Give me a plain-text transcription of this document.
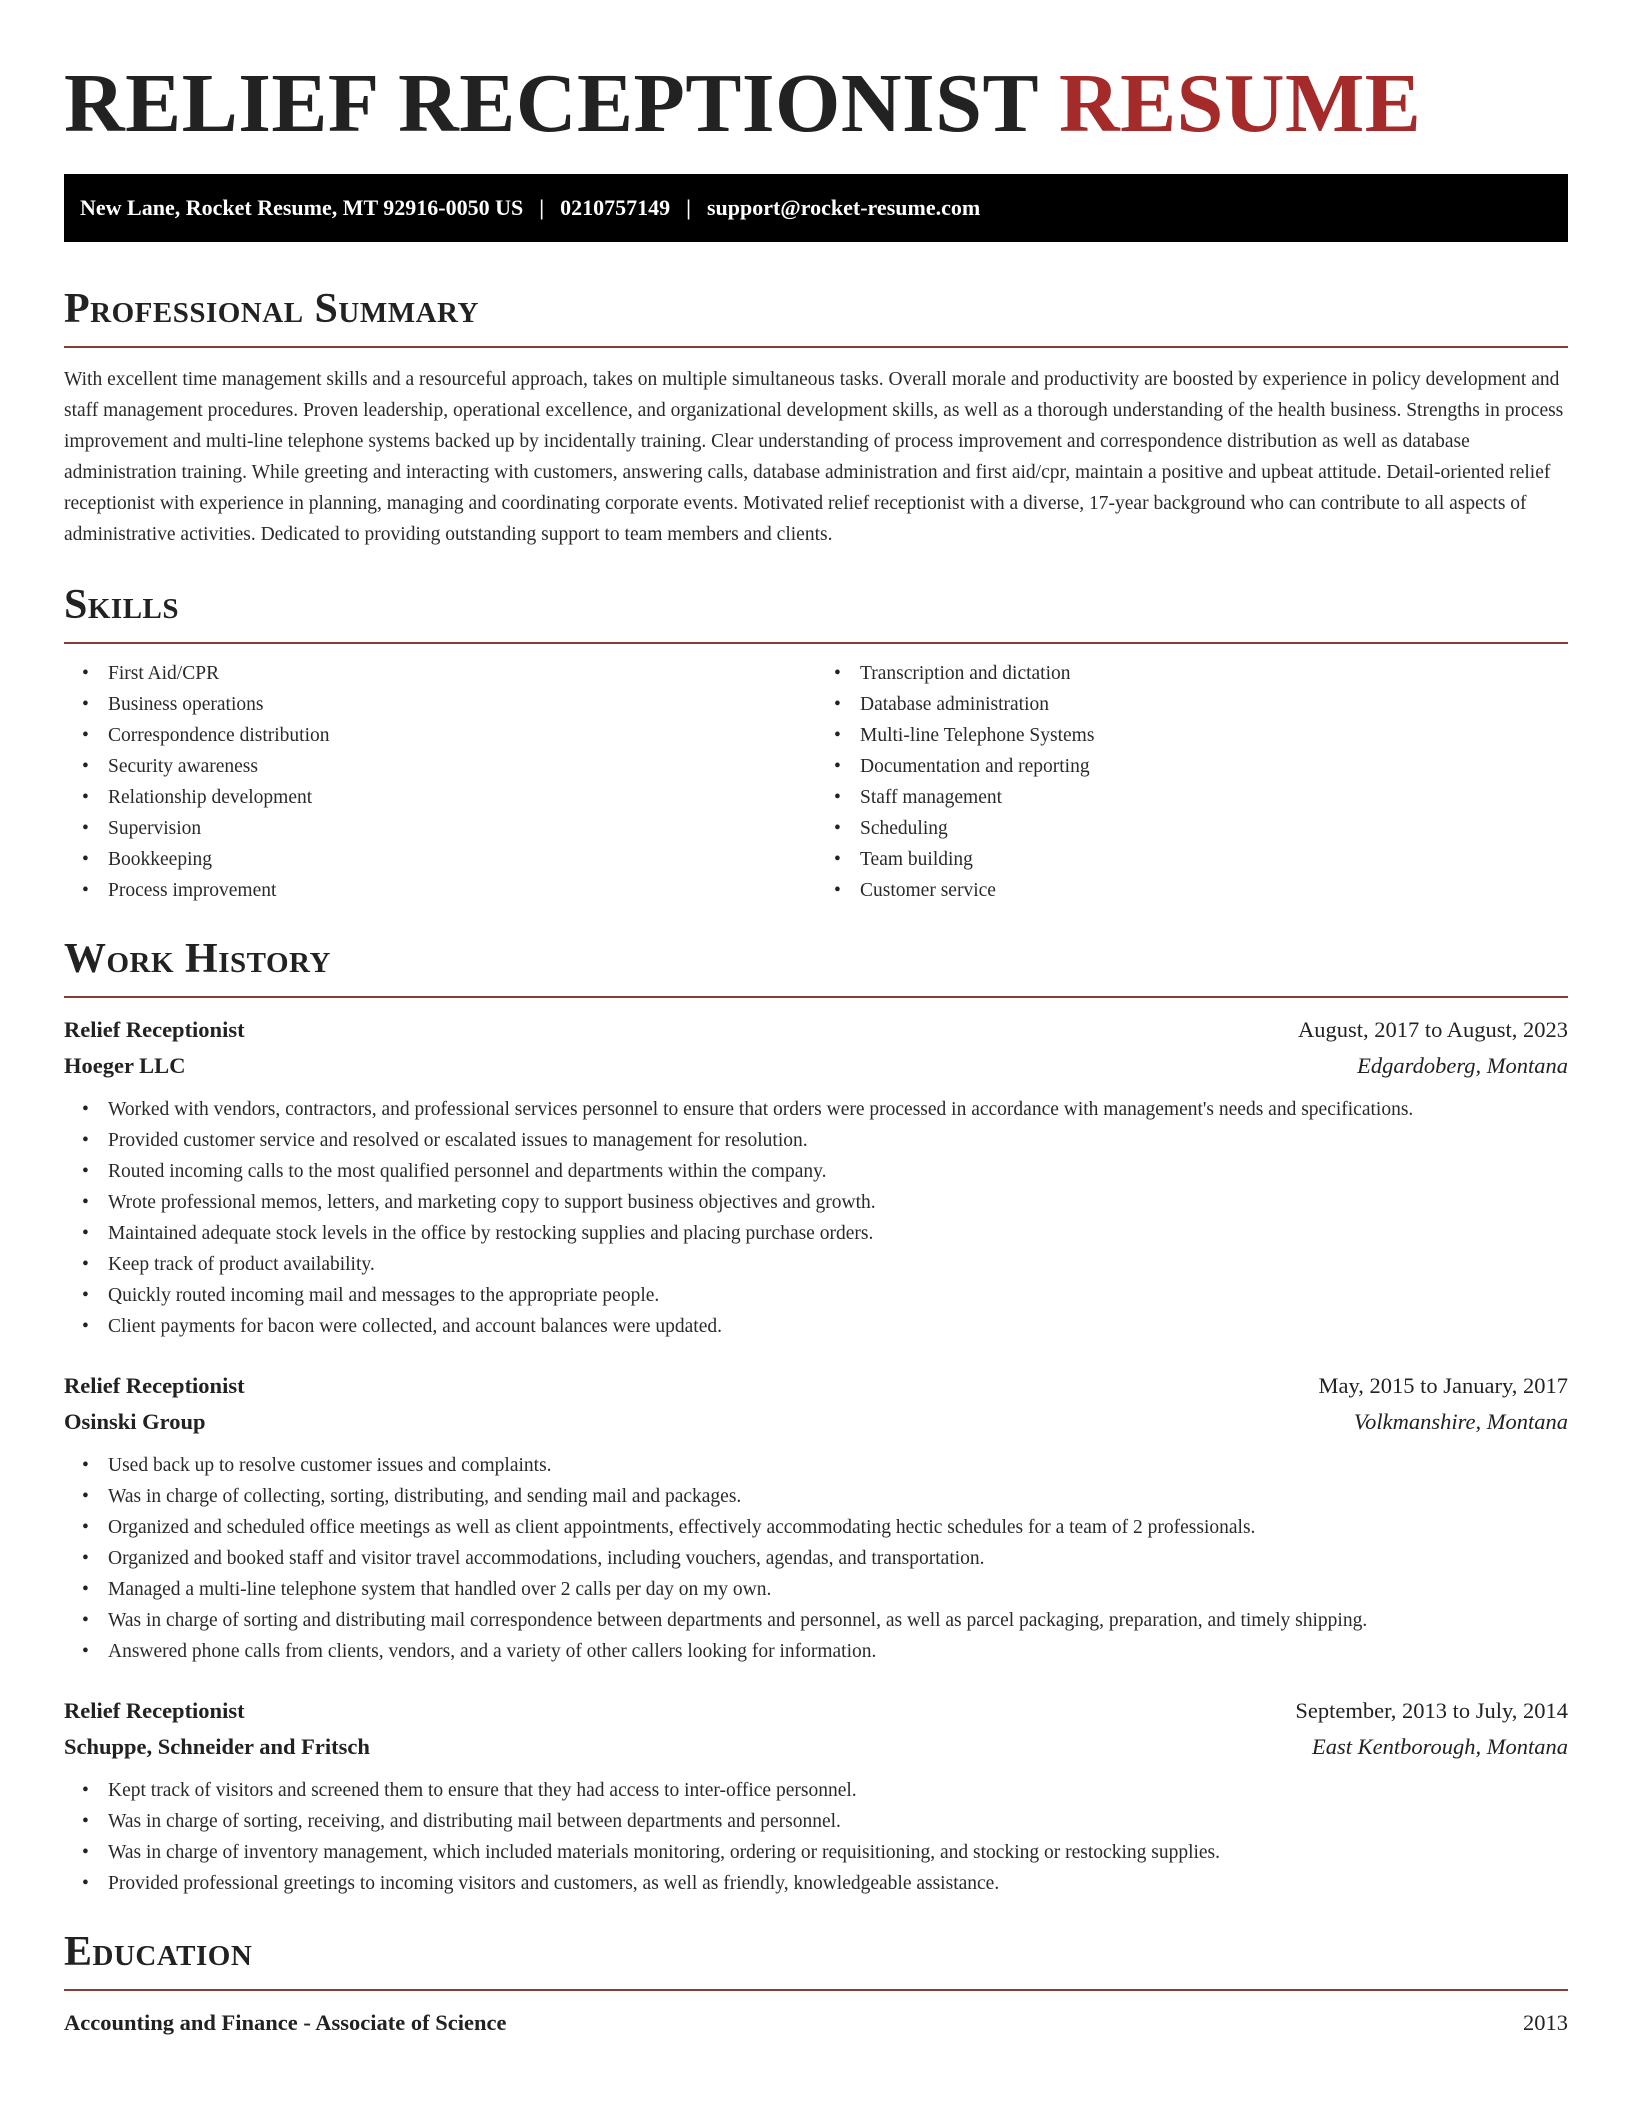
RELIEF RECEPTIONIST RESUME
New Lane, Rocket Resume, MT 92916-0050 US | 0210757149 | support@rocket-resume.com
Professional Summary

With excellent time management skills and a resourceful approach, takes on multiple simultaneous tasks. Overall morale and productivity are boosted by experience in policy development and staff management procedures. Proven leadership, operational excellence, and organizational development skills, as well as a thorough understanding of the health business. Strengths in process improvement and multi-line telephone systems backed up by incidentally training. Clear understanding of process improvement and correspondence distribution as well as database administration training. While greeting and interacting with customers, answering calls, database administration and first aid/cpr, maintain a positive and upbeat attitude. Detail-oriented relief receptionist with experience in planning, managing and coordinating corporate events. Motivated relief receptionist with a diverse, 17-year background who can contribute to all aspects of administrative activities. Dedicated to providing outstanding support to team members and clients.

Skills
• First Aid/CPR
• Business operations
• Correspondence distribution
• Security awareness
• Relationship development
• Supervision
• Bookkeeping
• Process improvement
• Transcription and dictation
• Database administration
• Multi-line Telephone Systems
• Documentation and reporting
• Staff management
• Scheduling
• Team building
• Customer service
Work History
Relief Receptionist	August, 2017 to August, 2023
Hoeger LLC	Edgardoberg, Montana
• Worked with vendors, contractors, and professional services personnel to ensure that orders were processed in accordance with management's needs and specifications.
• Provided customer service and resolved or escalated issues to management for resolution.
• Routed incoming calls to the most qualified personnel and departments within the company.
• Wrote professional memos, letters, and marketing copy to support business objectives and growth.
• Maintained adequate stock levels in the office by restocking supplies and placing purchase orders.
• Keep track of product availability.
• Quickly routed incoming mail and messages to the appropriate people.
• Client payments for bacon were collected, and account balances were updated.
Relief Receptionist	May, 2015 to January, 2017
Osinski Group	Volkmanshire, Montana
• Used back up to resolve customer issues and complaints.
• Was in charge of collecting, sorting, distributing, and sending mail and packages.
• Organized and scheduled office meetings as well as client appointments, effectively accommodating hectic schedules for a team of 2 professionals.
• Organized and booked staff and visitor travel accommodations, including vouchers, agendas, and transportation.
• Managed a multi-line telephone system that handled over 2 calls per day on my own.
• Was in charge of sorting and distributing mail correspondence between departments and personnel, as well as parcel packaging, preparation, and timely shipping.
• Answered phone calls from clients, vendors, and a variety of other callers looking for information.
Relief Receptionist	September, 2013 to July, 2014
Schuppe, Schneider and Fritsch	East Kentborough, Montana
• Kept track of visitors and screened them to ensure that they had access to inter-office personnel.
• Was in charge of sorting, receiving, and distributing mail between departments and personnel.
• Was in charge of inventory management, which included materials monitoring, ordering or requisitioning, and stocking or restocking supplies.
• Provided professional greetings to incoming visitors and customers, as well as friendly, knowledgeable assistance.
Education
Accounting and Finance - Associate of Science	2013
